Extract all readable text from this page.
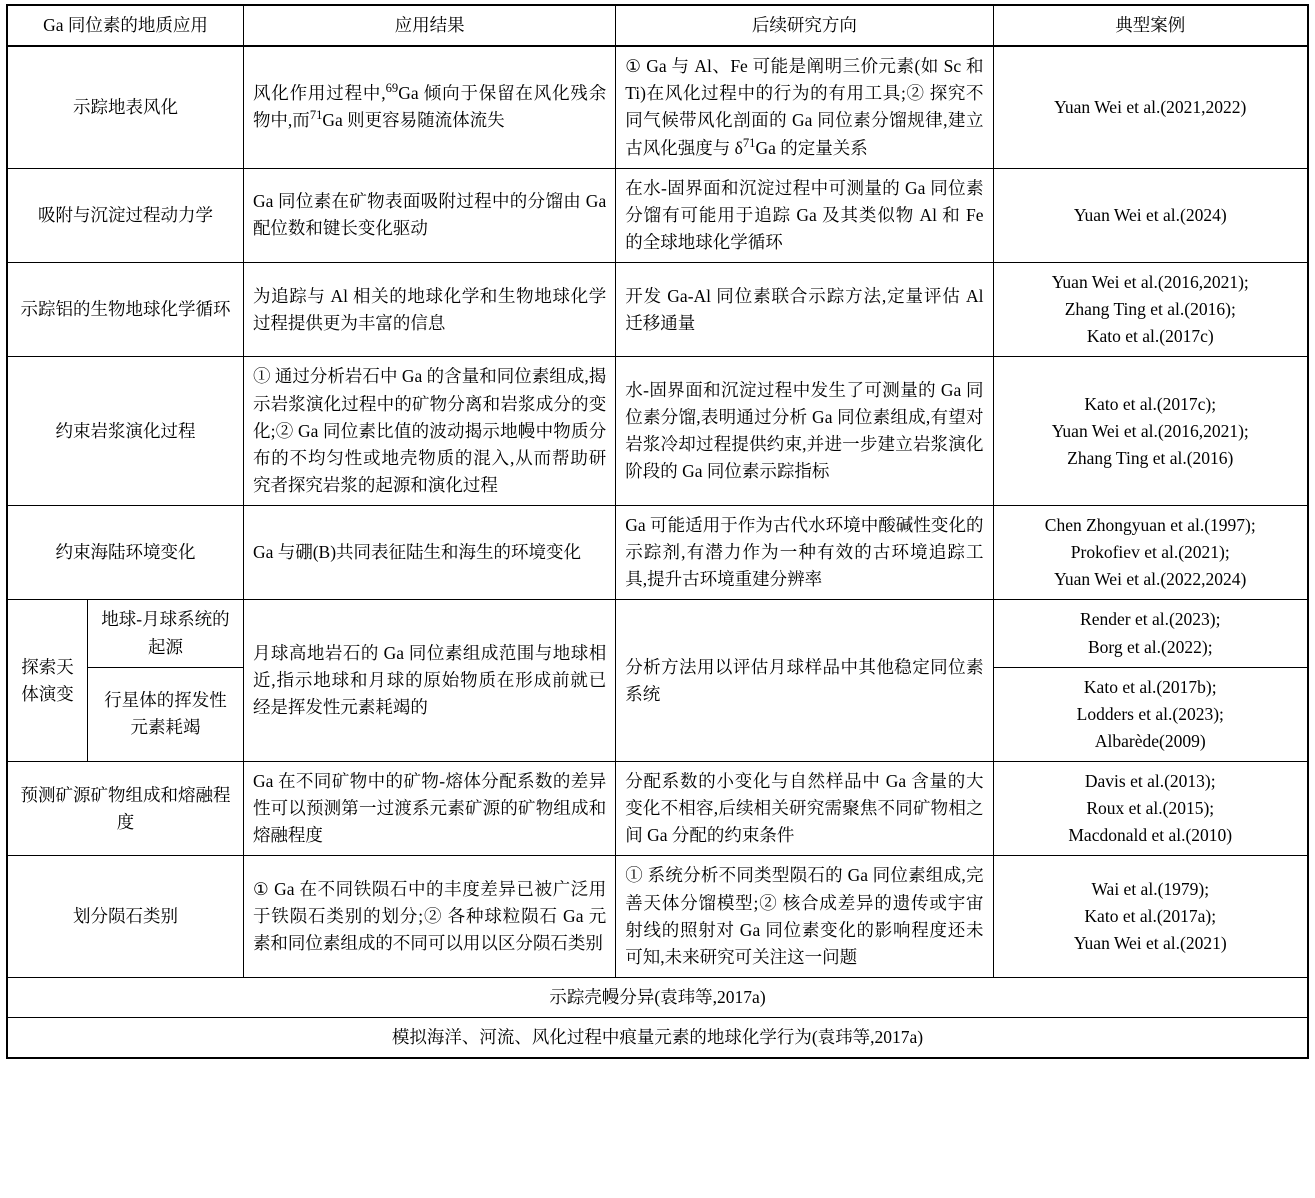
Ga 同位素的地质应用		应用结果	后续研究方向	典型案例
示踪地表风化		风化作用过程中,$^{69}$Ga 倾向于保留在风化残余物中,而$^{71}$Ga 则更容易随流体流失	① Ga 与 Al、Fe 可能是阐明三价元素(如 Sc 和 Ti)在风化过程中的行为的有用工具;② 探究不同气候带风化剖面的 Ga 同位素分馏规律,建立古风化强度与 $\delta^{71}Ga$ 的定量关系	Yuan Wei et al.(2021,2022)
吸附与沉淀过程动力学		Ga 同位素在矿物表面吸附过程中的分馏由 Ga 配位数和键长变化驱动	在水-固界面和沉淀过程中可测量的 Ga 同位素分馏有可能用于追踪 Ga 及其类似物 Al 和 Fe 的全球地球化学循环	Yuan Wei et al.(2024)
示踪铝的生物地球化学循环		为追踪与 Al 相关的地球化学和生物地球化学过程提供更为丰富的信息	开发 Ga-Al 同位素联合示踪方法,定量评估 Al 迁移通量	Yuan Wei et al.(2016,2021);
Zhang Ting et al.(2016);
Kato et al.(2017c)
约束岩浆演化过程		① 通过分析岩石中 Ga 的含量和同位素组成,揭示岩浆演化过程中的矿物分离和岩浆成分的变化;② Ga 同位素比值的波动揭示地幔中物质分布的不均匀性或地壳物质的混入,从而帮助研究者探究岩浆的起源和演化过程	水-固界面和沉淀过程中发生了可测量的 Ga 同位素分馏,表明通过分析 Ga 同位素组成,有望对岩浆冷却过程提供约束,并进一步建立岩浆演化阶段的 Ga 同位素示踪指标	Kato et al.(2017c);
Yuan Wei et al.(2016,2021);
Zhang Ting et al.(2016)
约束海陆环境变化		Ga 与硼(B)共同表征陆生和海生的环境变化	Ga 可能适用于作为古代水环境中酸碱性变化的示踪剂,有潜力作为一种有效的古环境追踪工具,提升古环境重建分辨率	Chen Zhongyuan et al.(1997);
Prokofiev et al.(2021);
Yuan Wei et al.(2022,2024)
探索天体演变	地球-月球系统的起源	月球高地岩石的 Ga 同位素组成范围与地球相近,指示地球和月球的原始物质在形成前就已经是挥发性元素耗竭的	分析方法用以评估月球样品中其他稳定同位素系统	Render et al.(2023);
Borg et al.(2022);
	行星体的挥发性元素耗竭			Kato et al.(2017b);
Lodders et al.(2023);
Albarède(2009)
预测矿源矿物组成和熔融程度		Ga 在不同矿物中的矿物-熔体分配系数的差异性可以预测第一过渡系元素矿源的矿物组成和熔融程度	分配系数的小变化与自然样品中 Ga 含量的大变化不相容,后续相关研究需聚焦不同矿物相之间 Ga 分配的约束条件	Davis et al.(2013);
Roux et al.(2015);
Macdonald et al.(2010)
划分陨石类别		① Ga 在不同铁陨石中的丰度差异已被广泛用于铁陨石类别的划分;② 各种球粒陨石 Ga 元素和同位素组成的不同可以用以区分陨石类别	① 系统分析不同类型陨石的 Ga 同位素组成,完善天体分馏模型;② 核合成差异的遗传或宇宙射线的照射对 Ga 同位素变化的影响程度还未可知,未来研究可关注这一问题	Wai et al.(1979);
Kato et al.(2017a);
Yuan Wei et al.(2021)
示踪壳幔分异(袁玮等,2017a)				
模拟海洋、河流、风化过程中痕量元素的地球化学行为(袁玮等,2017a)				
